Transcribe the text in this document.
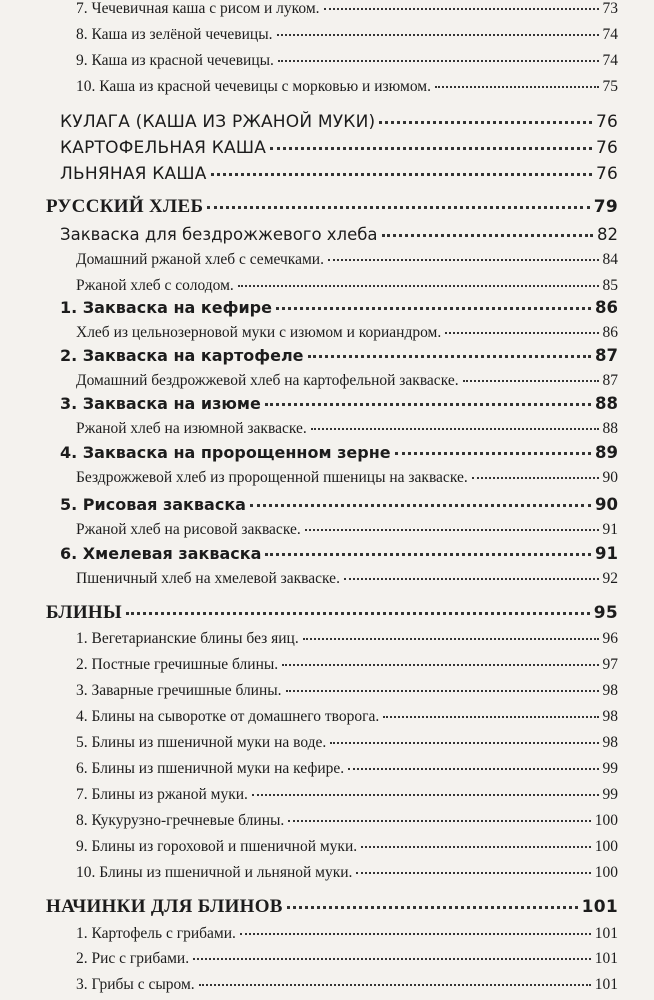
7. Чечевичная каша с рисом и луком.	73
8. Каша из зелёной чечевицы.	74
9. Каша из красной чечевицы.	74
10. Каша из красной чечевицы с морковью и изюмом.	75
КУЛАГА (КАША ИЗ РЖАНОЙ МУКИ)	76
КАРТОФЕЛЬНАЯ КАША	76
ЛЬНЯНАЯ КАША	76
РУССКИЙ ХЛЕБ	79
Закваска для бездрожжевого хлеба	82
Домашний ржаной хлеб с семечками.	84
Ржаной хлеб с солодом.	85
1. Закваска на кефире	86
Хлеб из цельнозерновой муки с изюмом и кориандром.	86
2. Закваска на картофеле	87
Домашний бездрожжевой хлеб на картофельной закваске.	87
3. Закваска на изюме	88
Ржаной хлеб на изюмной закваске.	88
4. Закваска на пророщенном зерне	89
Бездрожжевой хлеб из пророщенной пшеницы на закваске.	90
5. Рисовая закваска	90
Ржаной хлеб на рисовой закваске.	91
6. Хмелевая закваска	91
Пшеничный хлеб на хмелевой закваске.	92
БЛИНЫ	95
1. Вегетарианские блины без яиц.	96
2. Постные гречишные блины.	97
3. Заварные гречишные блины.	98
4. Блины на сыворотке от домашнего творога.	98
5. Блины из пшеничной муки на воде.	98
6. Блины из пшеничной муки на кефире.	99
7. Блины из ржаной муки.	99
8. Кукурузно-гречневые блины.	100
9. Блины из гороховой и пшеничной муки.	100
10. Блины из пшеничной и льняной муки.	100
НАЧИНКИ ДЛЯ БЛИНОВ	101
1. Картофель с грибами.	101
2. Рис с грибами.	101
3. Грибы с сыром.	101
